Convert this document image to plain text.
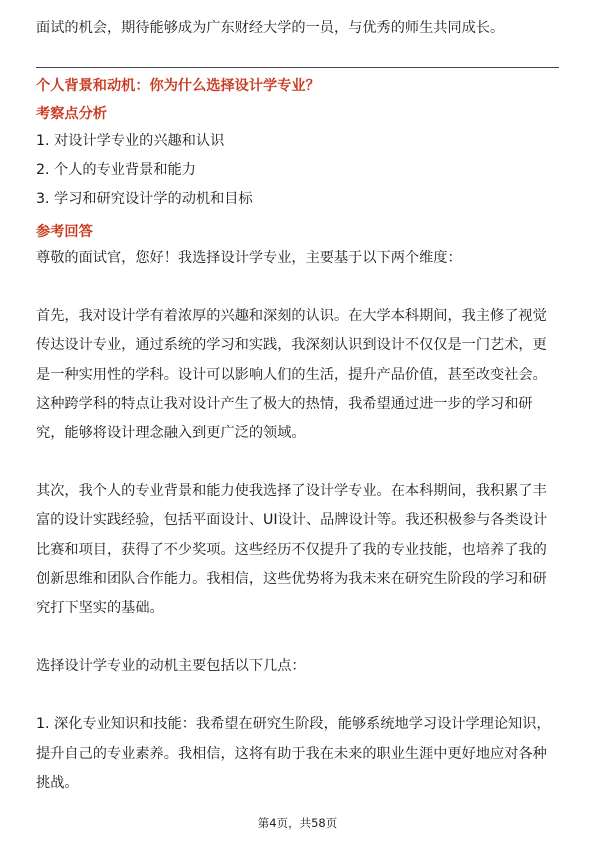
面试的机会，期待能够成为广东财经大学的一员，与优秀的师生共同成长。
个人背景和动机：你为什么选择设计学专业？
考察点分析
1. 对设计学专业的兴趣和认识
2. 个人的专业背景和能力
3. 学习和研究设计学的动机和目标
参考回答
尊敬的面试官，您好！我选择设计学专业，主要基于以下两个维度：
首先，我对设计学有着浓厚的兴趣和深刻的认识。在大学本科期间，我主修了视觉
传达设计专业，通过系统的学习和实践，我深刻认识到设计不仅仅是一门艺术，更
是一种实用性的学科。设计可以影响人们的生活，提升产品价值，甚至改变社会。
这种跨学科的特点让我对设计产生了极大的热情，我希望通过进一步的学习和研
究，能够将设计理念融入到更广泛的领域。
其次，我个人的专业背景和能力使我选择了设计学专业。在本科期间，我积累了丰
富的设计实践经验，包括平面设计、UI设计、品牌设计等。我还积极参与各类设计
比赛和项目，获得了不少奖项。这些经历不仅提升了我的专业技能，也培养了我的
创新思维和团队合作能力。我相信，这些优势将为我未来在研究生阶段的学习和研
究打下坚实的基础。
选择设计学专业的动机主要包括以下几点：
1. 深化专业知识和技能：我希望在研究生阶段，能够系统地学习设计学理论知识，
提升自己的专业素养。我相信，这将有助于我在未来的职业生涯中更好地应对各种
挑战。
第4页，共58页
